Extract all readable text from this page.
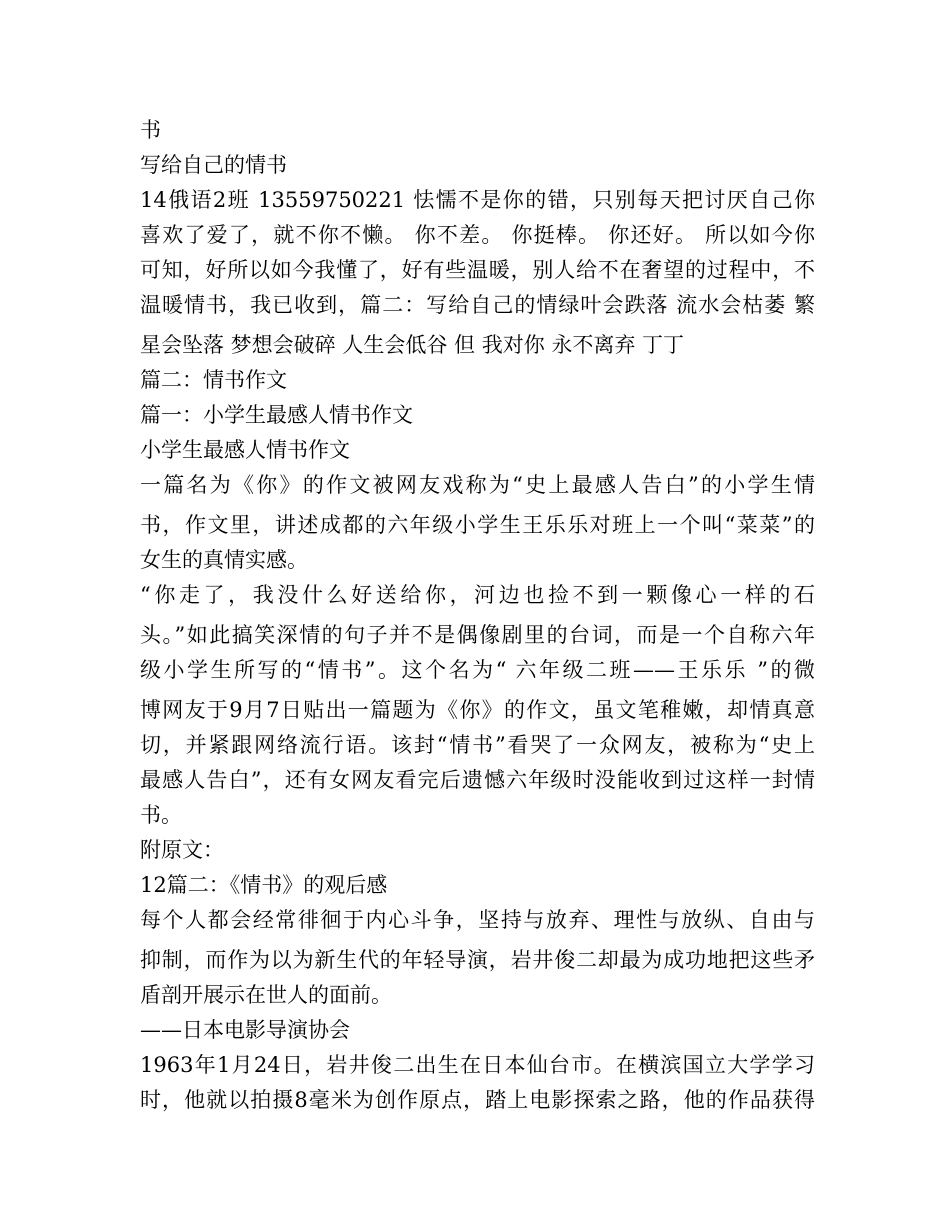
书
写给自己的情书
14俄语2班 13559750221 怯懦不是你的错，只别每天把讨厌自己你
喜欢了爱了，就不你不懒。 你不差。 你挺棒。 你还好。 所以如今你
可知，好所以如今我懂了，好有些温暖，别人给不在奢望的过程中，不
温暖情书，我已收到，篇二：写给自己的情绿叶会跌落 流水会枯萎 繁
星会坠落 梦想会破碎 人生会低谷 但 我对你 永不离弃 丁丁
篇二：情书作文
篇一：小学生最感人情书作文
小学生最感人情书作文
一篇名为《你》的作文被网友戏称为“史上最感人告白”的小学生情
书，作文里，讲述成都的六年级小学生王乐乐对班上一个叫“菜菜”的
女生的真情实感。
“你走了，我没什么好送给你，河边也捡不到一颗像心一样的石
头。”如此搞笑深情的句子并不是偶像剧里的台词，而是一个自称六年
级小学生所写的“情书”。这个名为“ 六年级二班——王乐乐 ”的微
博网友于9月7日贴出一篇题为《你》的作文，虽文笔稚嫩，却情真意
切，并紧跟网络流行语。该封“情书”看哭了一众网友，被称为“史上
最感人告白”，还有女网友看完后遗憾六年级时没能收到过这样一封情
书。
附原文：
12篇二：《情书》的观后感
每个人都会经常徘徊于内心斗争，坚持与放弃、理性与放纵、自由与
抑制，而作为以为新生代的年轻导演，岩井俊二却最为成功地把这些矛
盾剖开展示在世人的面前。
——日本电影导演协会
1963年1月24日，岩井俊二出生在日本仙台市。在横滨国立大学学习
时，他就以拍摄8毫米为创作原点，踏上电影探索之路，他的作品获得
